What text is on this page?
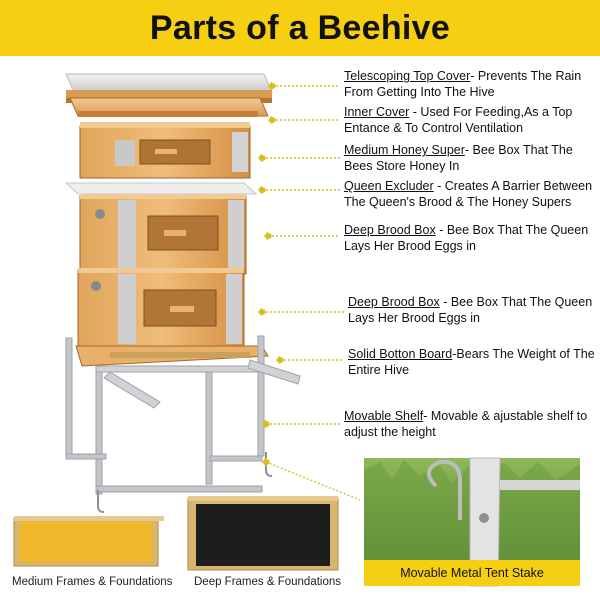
Parts of a Beehive
Telescoping Top Cover- Prevents The Rain From Getting Into The Hive
Inner Cover - Used For Feeding,As a Top Entance & To Control Ventilation
Medium Honey Super- Bee Box That The Bees Store Honey In
Queen Excluder - Creates A Barrier Between The Queen's Brood & The Honey Supers
Deep Brood Box - Bee Box That The Queen Lays Her Brood Eggs in
Deep Brood Box - Bee Box That The Queen Lays Her Brood Eggs in
Solid Botton Board-Bears The Weight of The Entire Hive
Movable Shelf- Movable & ajustable shelf to adjust the height
Medium Frames & Foundations Deep Frames & Foundations
Movable Metal Tent Stake
